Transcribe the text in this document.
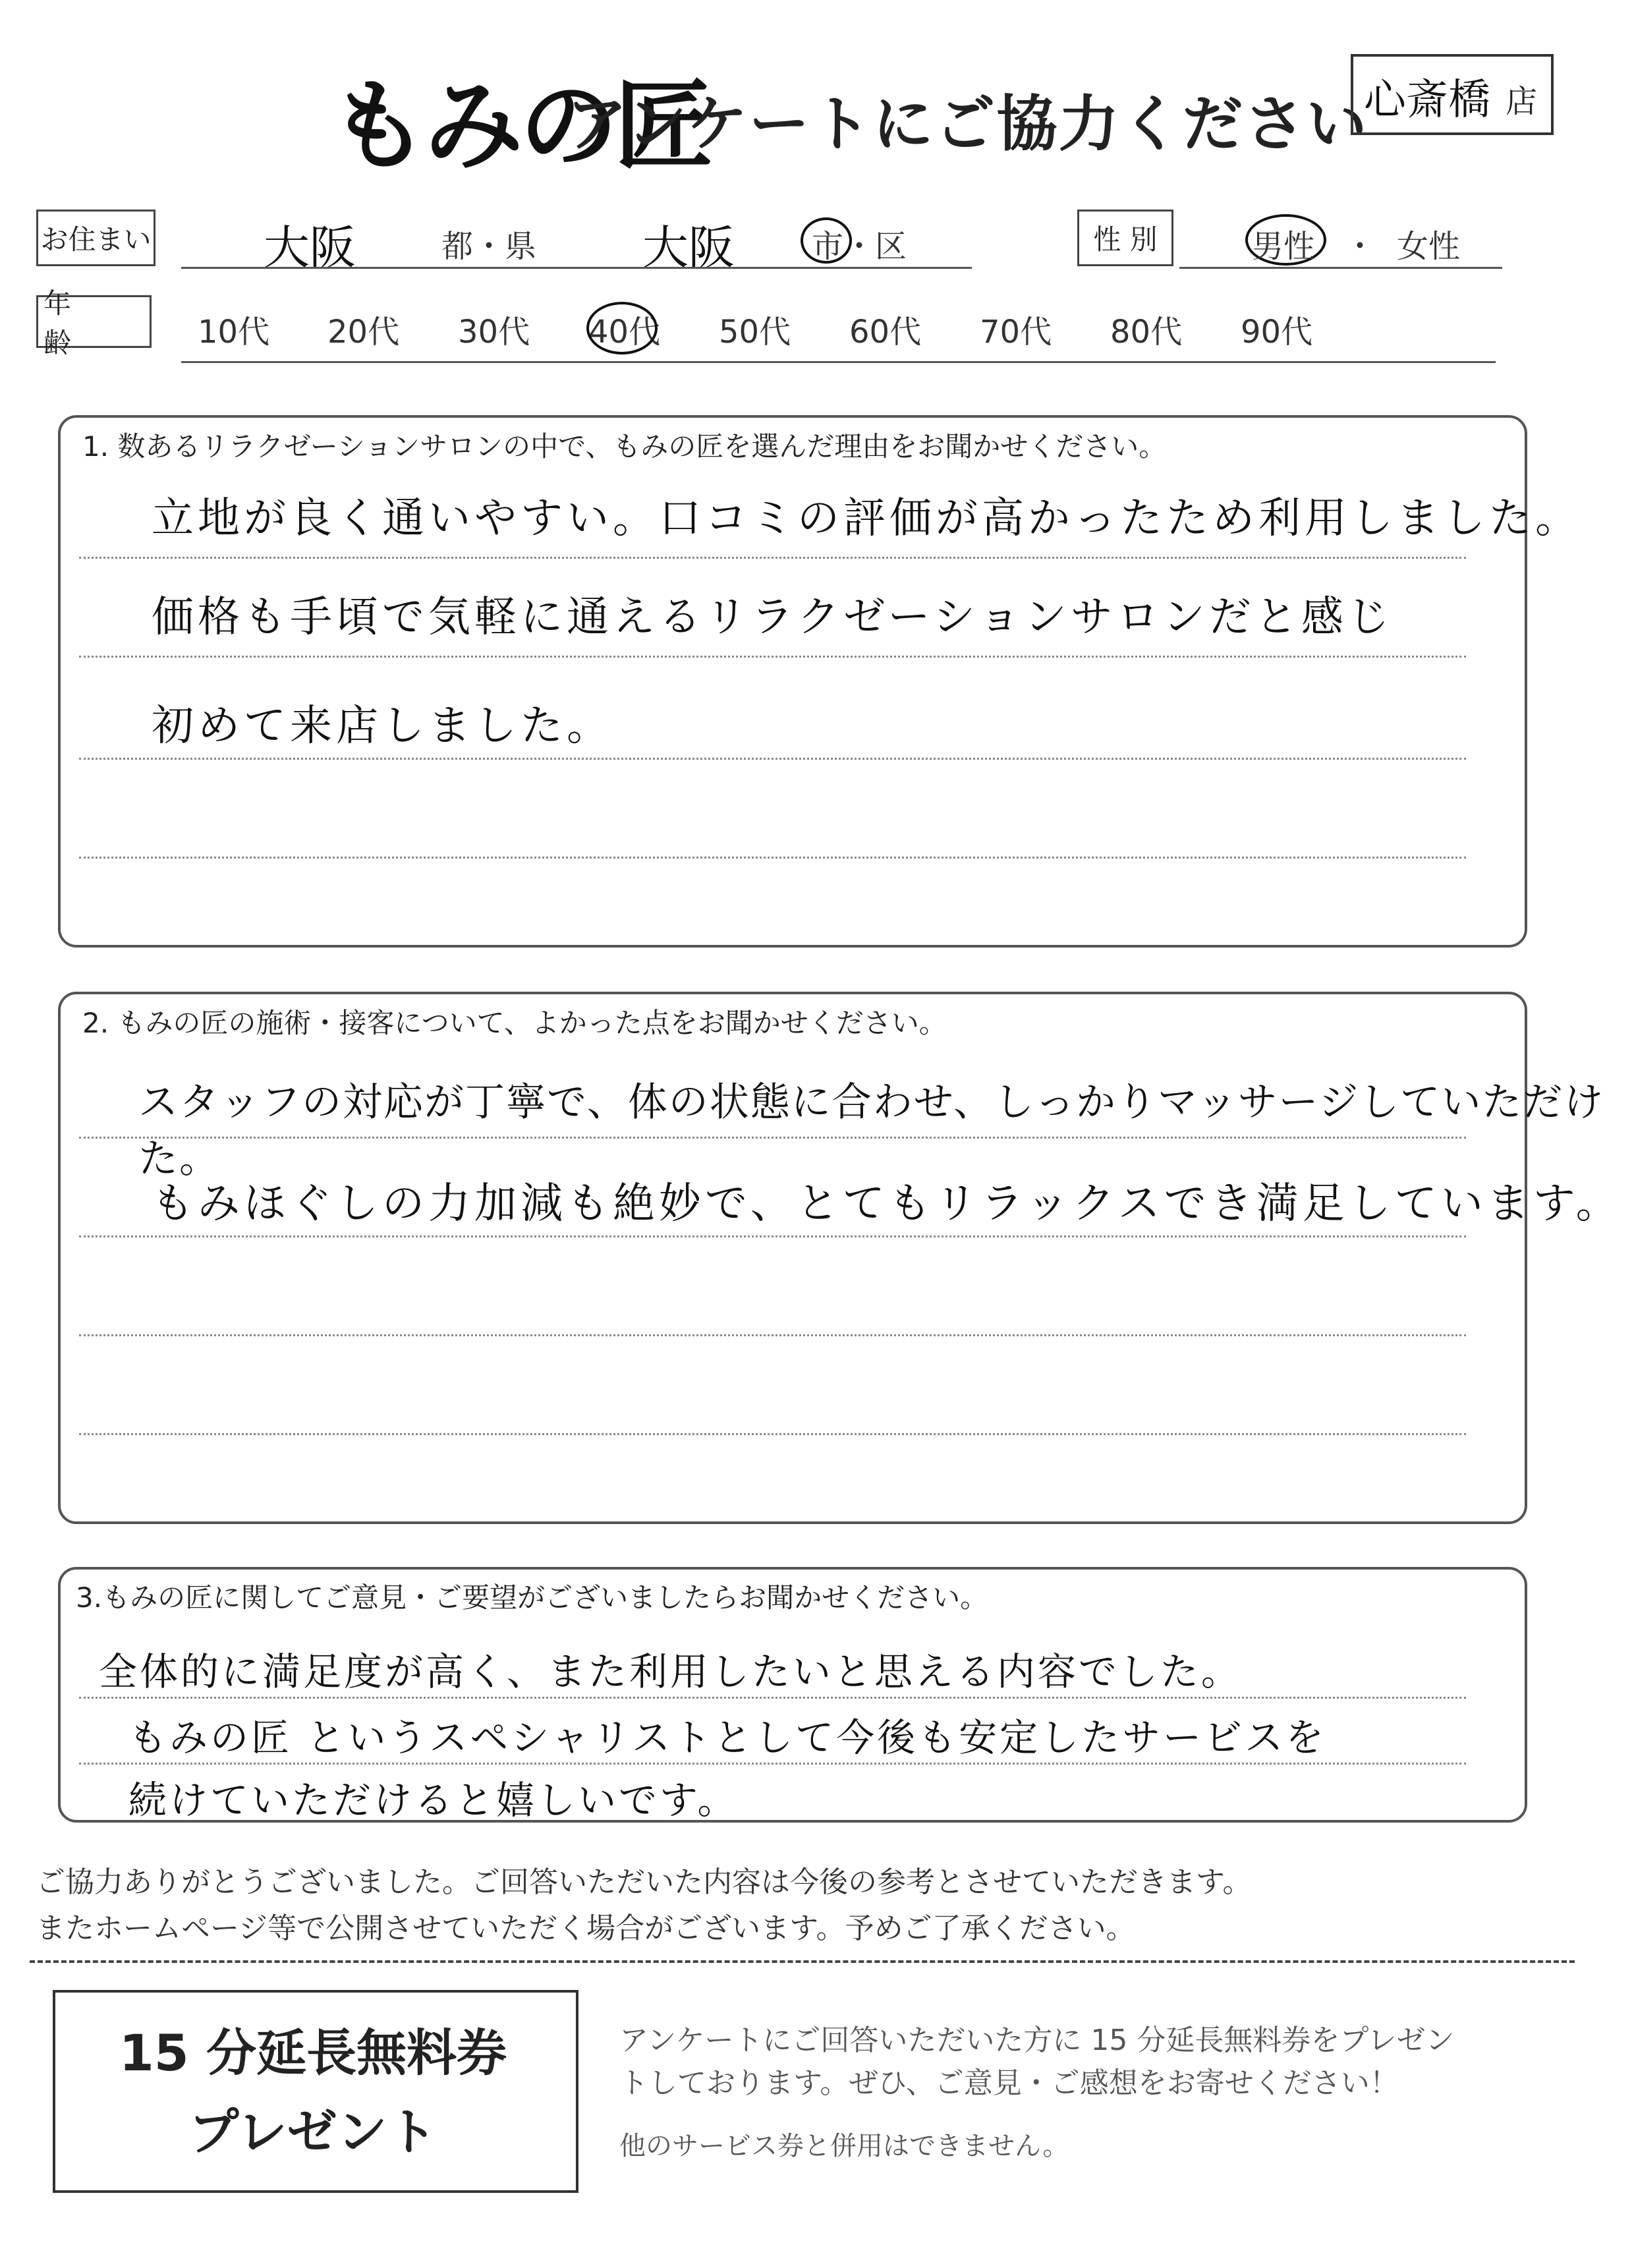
もみの匠
アンケートにご協力ください
心斎橋 店
お住まい 大阪	都・県 大阪 市・区	性 別	男性 ・ 女性
年　　齢	10代 20代 30代 40代 50代 60代 70代 80代 90代
1. 数あるリラクゼーションサロンの中で、もみの匠を選んだ理由をお聞かせください。
立地が良く通いやすい。口コミの評価が高かったため利用しました。
価格も手頃で気軽に通えるリラクゼーションサロンだと感じ
初めて来店しました。
2. もみの匠の施術・接客について、よかった点をお聞かせください。
スタッフの対応が丁寧で、体の状態に合わせ、しっかりマッサージしていただけた。
もみほぐしの力加減も絶妙で、とてもリラックスでき満足しています。
3.もみの匠に関してご意見・ご要望がございましたらお聞かせください。
全体的に満足度が高く、また利用したいと思える内容でした。
もみの匠 というスペシャリストとして今後も安定したサービスを
続けていただけると嬉しいです。
ご協力ありがとうございました。ご回答いただいた内容は今後の参考とさせていただきます。
またホームページ等で公開させていただく場合がございます。予めご了承ください。
15 分延長無料券
プレゼント
アンケートにご回答いただいた方に 15 分延長無料券をプレゼン
トしております。ぜひ、ご意見・ご感想をお寄せください！
他のサービス券と併用はできません。
